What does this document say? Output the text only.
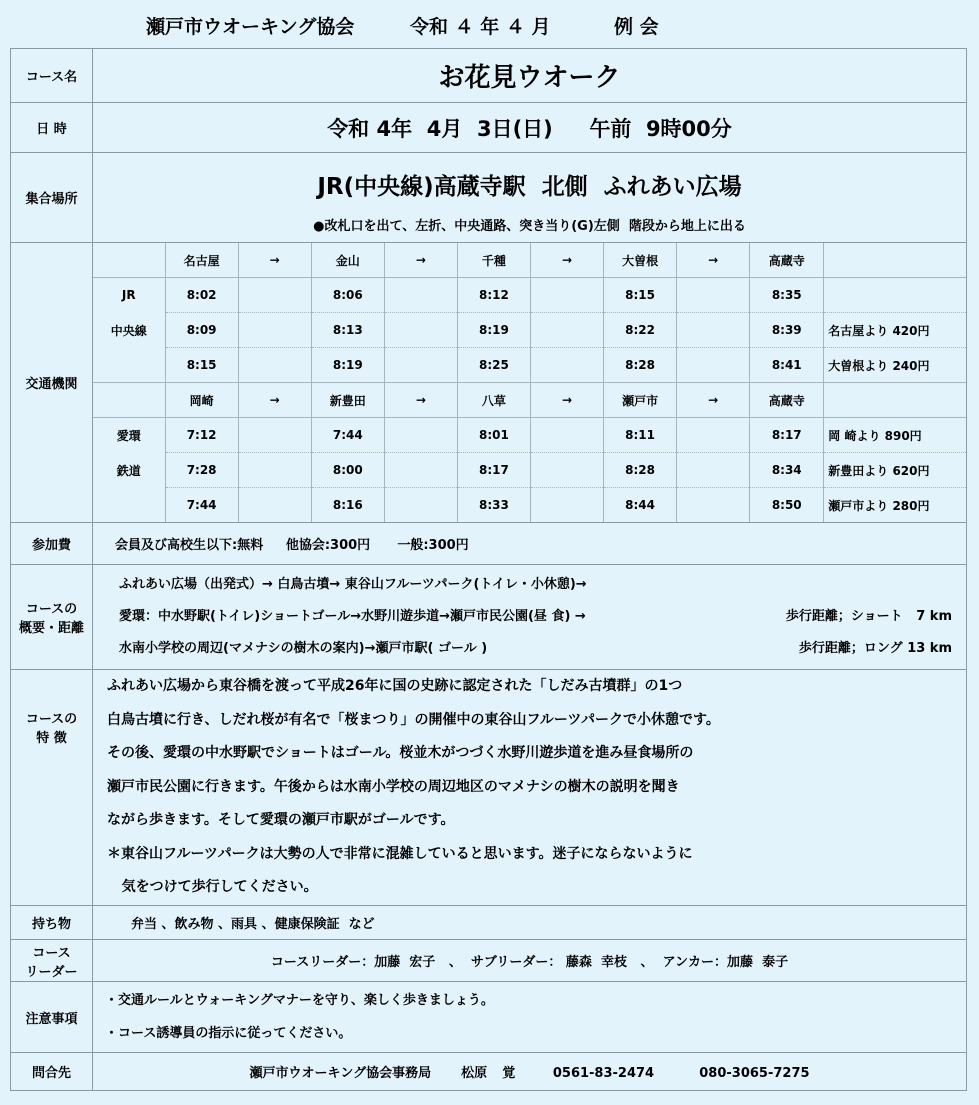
瀬戸市ウオーキング協会	令和 ４ 年 ４ 月	例 会
コース名	お花見ウオーク

日 時	令和 4年  4月  3日(日)     午前  9時00分

集合場所	JR(中央線)高蔵寺駅  北側  ふれあい広場
●改札口を出て、左折、中央通路、突き当り(G)左側  階段から地上に出る

交通機関	
	名古屋	→	金山	→	千種	→	大曽根	→	高蔵寺	
JR	8:02		8:06		8:12		8:15		8:35	
中央線	8:09		8:13		8:19		8:22		8:39	名古屋より 420円
	8:15		8:19		8:25		8:28		8:41	大曽根より 240円
	岡崎	→	新豊田	→	八草	→	瀬戸市	→	高蔵寺	
愛環	7:12		7:44		8:01		8:11		8:17	岡 崎より 890円
鉄道	7:28		8:00		8:17		8:28		8:34	新豊田より 620円
	7:44		8:16		8:33		8:44		8:50	瀬戸市より 280円

参加費	会員及び高校生以下:無料     他協会:300円      一般:300円

コースの
概要・距離

ふれあい広場（出発式）→ 白鳥古墳→ 東谷山フルーツパーク(トイレ・小休憩)→
愛環：中水野駅(トイレ)ショートゴール→水野川遊歩道→瀬戸市民公園(昼 食) →	歩行距離；ショート   7 km
水南小学校の周辺(マメナシの樹木の案内)→瀬戸市駅( ゴール )	歩行距離；ロング 13 km

コースの
特 徴

ふれあい広場から東谷橋を渡って平成26年に国の史跡に認定された「しだみ古墳群」の1つ
白鳥古墳に行き、しだれ桜が有名で「桜まつり」の開催中の東谷山フルーツパークで小休憩です。
その後、愛環の中水野駅でショートはゴール。桜並木がつづく水野川遊歩道を進み昼食場所の
瀬戸市民公園に行きます。午後からは水南小学校の周辺地区のマメナシの樹木の説明を聞き
ながら歩きます。そして愛環の瀬戸市駅がゴールです。
＊東谷山フルーツパークは大勢の人で非常に混雑していると思います。迷子にならないように
気をつけて歩行してください。

持ち物	弁当 、飲み物 、雨具 、健康保険証  など

コース
リーダー

コースリーダー：加藤  宏子   、  サブリーダー： 藤森  幸枝   、  アンカー：加藤  泰子

注意事項	
・交通ルールとウォーキングマナーを守り、楽しく歩きましょう。
・コース誘導員の指示に従ってください。

問合先	瀬戸市ウオーキング協会事務局    松原  覚     0561-83-2474      080-3065-7275
